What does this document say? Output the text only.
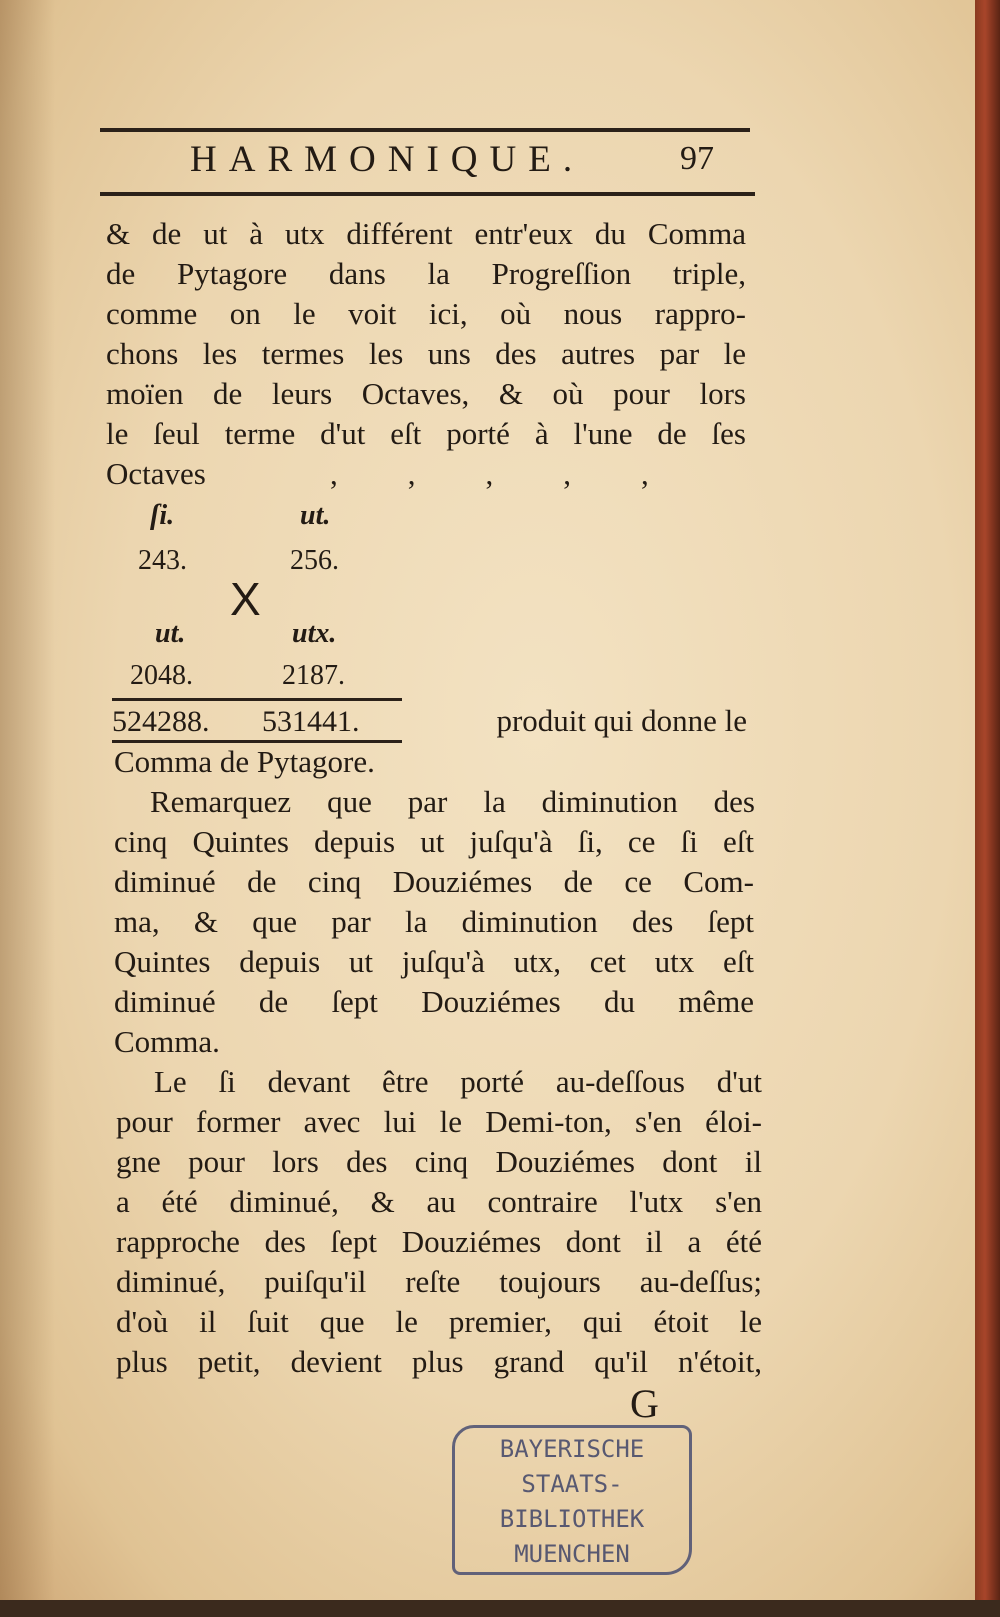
HARMONIQUE.	97
& de ut à utx différent entr'eux du Comma
de Pytagore dans la Progreſſion triple,
comme on le voit ici, où nous rappro-
chons les termes les uns des autres par le
moïen de leurs Octaves, & où pour lors
le ſeul terme d'ut eſt porté à l'une de ſes
Octaves	,,,,,
ſi.	ut.
243.	256.
X
ut.	utx.
2048.	2187.
524288. 531441.	produit qui donne le
Comma de Pytagore.
Remarquez que par la diminution des
cinq Quintes depuis ut juſqu'à ſi, ce ſi eſt
diminué de cinq Douziémes de ce Com-
ma, & que par la diminution des ſept
Quintes depuis ut juſqu'à utx, cet utx eſt
diminué de ſept Douziémes du même
Comma.
Le ſi devant être porté au-deſſous d'ut
pour former avec lui le Demi-ton, s'en éloi-
gne pour lors des cinq Douziémes dont il
a été diminué, & au contraire l'utx s'en
rapproche des ſept Douziémes dont il a été
diminué, puiſqu'il reſte toujours au-deſſus;
d'où il ſuit que le premier, qui étoit le
plus petit, devient plus grand qu'il n'étoit,
G
BAYERISCHE
STAATS-
BIBLIOTHEK
MUENCHEN
